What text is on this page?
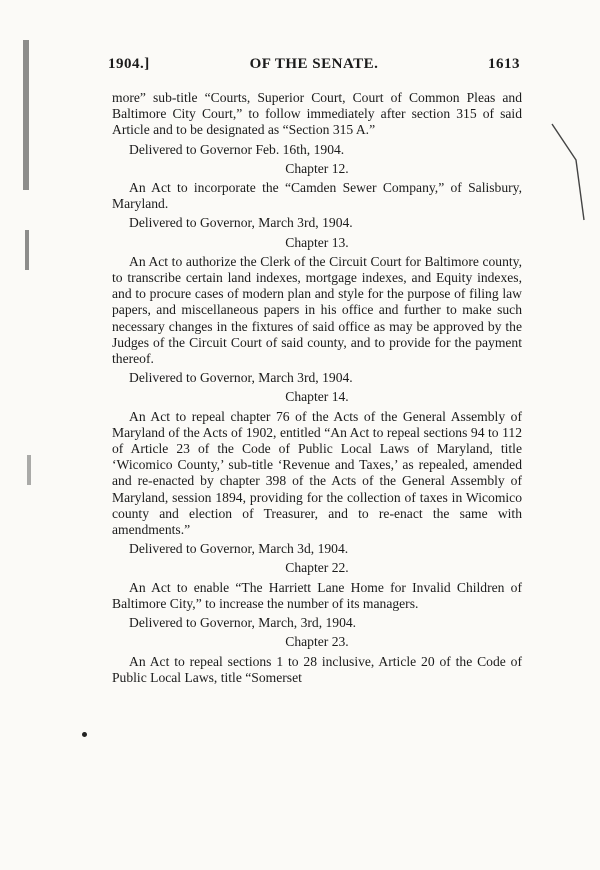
1904.]	OF THE SENATE.	1613

more” sub-title “Courts, Superior Court, Court of Common Pleas and Baltimore City Court,” to follow immediately after section 315 of said Article and to be designated as “Section 315 A.”

Delivered to Governor Feb. 16th, 1904.

Chapter 12.

An Act to incorporate the “Camden Sewer Company,” of Salisbury, Maryland.

Delivered to Governor, March 3rd, 1904.

Chapter 13.

An Act to authorize the Clerk of the Circuit Court for Baltimore county, to transcribe certain land indexes, mortgage indexes, and Equity indexes, and to procure cases of modern plan and style for the purpose of filing law papers, and miscellaneous papers in his office and further to make such necessary changes in the fixtures of said office as may be approved by the Judges of the Circuit Court of said county, and to provide for the payment thereof.

Delivered to Governor, March 3rd, 1904.

Chapter 14.

An Act to repeal chapter 76 of the Acts of the General Assembly of Maryland of the Acts of 1902, entitled “An Act to repeal sections 94 to 112 of Article 23 of the Code of Public Local Laws of Maryland, title ‘Wicomico County,’ sub-title ‘Revenue and Taxes,’ as repealed, amended and re-enacted by chapter 398 of the Acts of the General Assembly of Maryland, session 1894, providing for the collection of taxes in Wicomico county and election of Treasurer, and to re-enact the same with amendments.”

Delivered to Governor, March 3d, 1904.

Chapter 22.

An Act to enable “The Harriett Lane Home for Invalid Children of Baltimore City,” to increase the number of its managers.

Delivered to Governor, March, 3rd, 1904.

Chapter 23.

An Act to repeal sections 1 to 28 inclusive, Article 20 of the Code of Public Local Laws, title “Somerset
